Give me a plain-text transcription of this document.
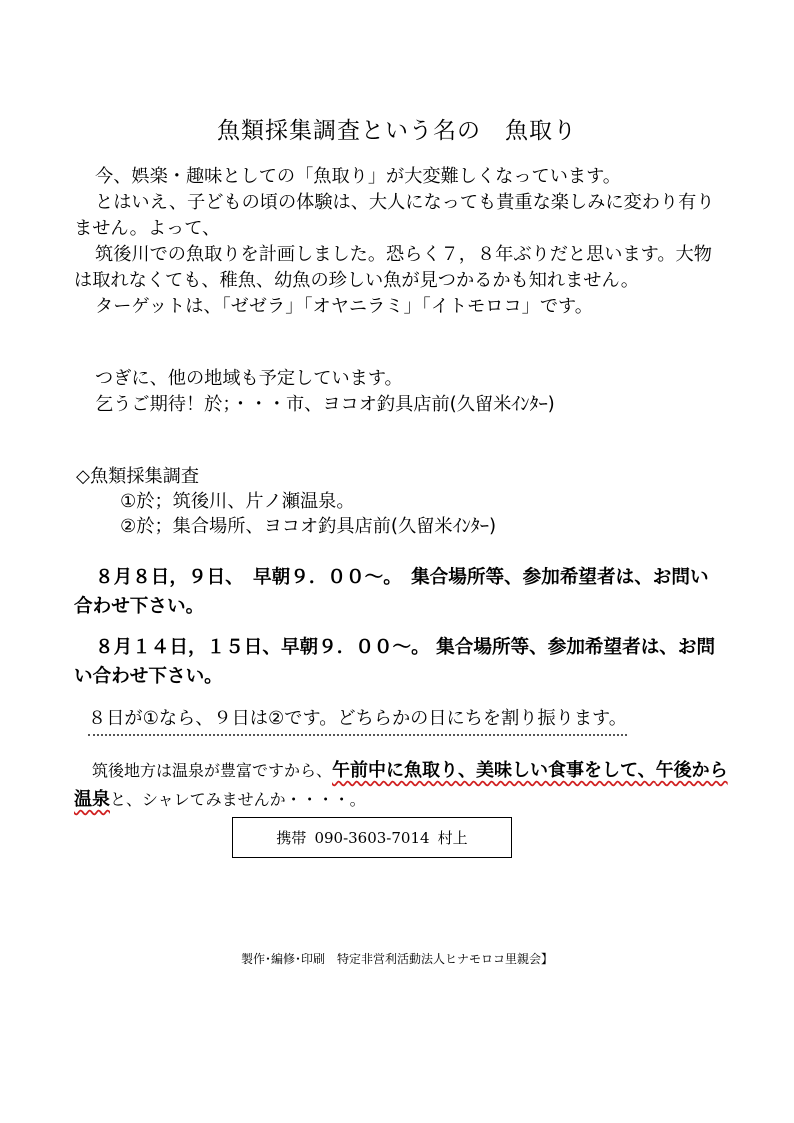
魚類採集調査という名の　魚取り
今、娯楽・趣味としての「魚取り」が大変難しくなっています。
とはいえ、子どもの頃の体験は、大人になっても貴重な楽しみに変わり有りません。よって、
筑後川での魚取りを計画しました。恐らく７，８年ぶりだと思います。大物は取れなくても、稚魚、幼魚の珍しい魚が見つかるかも知れません。
ターゲットは、「ゼゼラ」「オヤニラミ」「イトモロコ」です。
つぎに、他の地域も予定しています。
乞うご期待！於；・・・市、ヨコオ釣具店前(久留米ｲﾝﾀｰ)
◇魚類採集調査
①於；筑後川、片ノ瀬温泉。
②於；集合場所、ヨコオ釣具店前(久留米ｲﾝﾀｰ)
８月８日，９日、　早朝９．００～。　集合場所等、参加希望者は、お問い合わせ下さい。
８月１４日，１５日、早朝９．００～。 集合場所等、参加希望者は、お問い合わせ下さい。
８日が①なら、９日は②です。どちらかの日にちを割り振ります。
筑後地方は温泉が豊富ですから、午前中に魚取り、美味しい食事をして、午後から温泉と、シャレてみませんか・・・・。
携帯 090-3603-7014 村上
製作･編修･印刷　特定非営利活動法人ヒナモロコ里親会】
